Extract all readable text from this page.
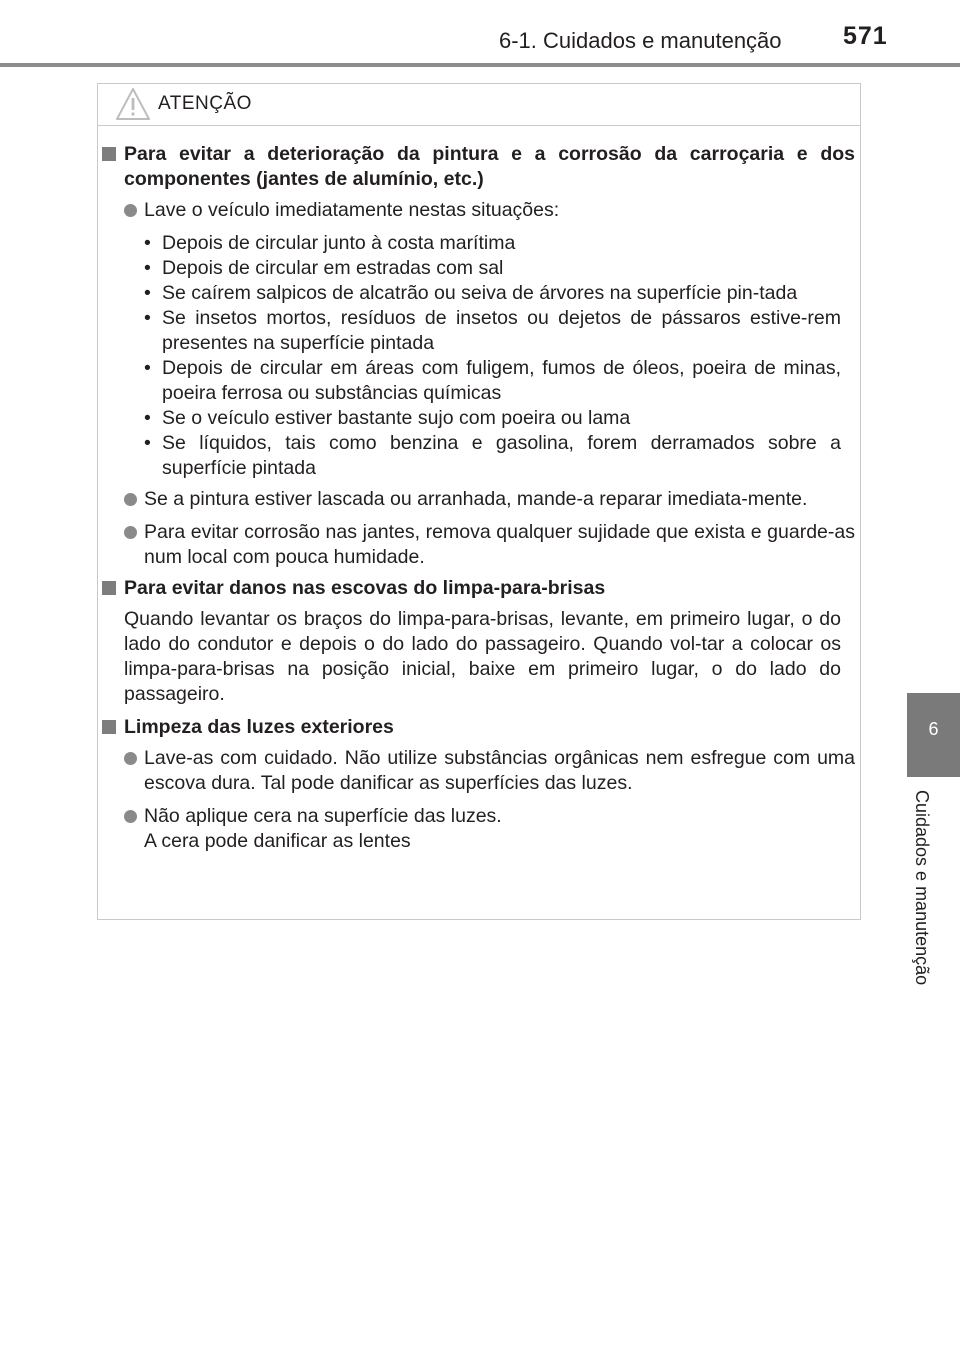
6-1. Cuidados e manutenção 571
6
Cuidados e manutenção
ATENÇÃO
Para evitar a deterioração da pintura e a corrosão da carroçaria e dos componentes (jantes de alumínio, etc.)
Lave o veículo imediatamente nestas situações:
• Depois de circular junto à costa marítima
• Depois de circular em estradas com sal
• Se caírem salpicos de alcatrão ou seiva de árvores na superfície pin-tada
• Se insetos mortos, resíduos de insetos ou dejetos de pássaros estive-rem presentes na superfície pintada
• Depois de circular em áreas com fuligem, fumos de óleos, poeira de minas, poeira ferrosa ou substâncias químicas
• Se o veículo estiver bastante sujo com poeira ou lama
• Se líquidos, tais como benzina e gasolina, forem derramados sobre a superfície pintada
Se a pintura estiver lascada ou arranhada, mande-a reparar imediata-mente.
Para evitar corrosão nas jantes, remova qualquer sujidade que exista e guarde-as num local com pouca humidade.
Para evitar danos nas escovas do limpa-para-brisas
Quando levantar os braços do limpa-para-brisas, levante, em primeiro lugar, o do lado do condutor e depois o do lado do passageiro. Quando vol-tar a colocar os limpa-para-brisas na posição inicial, baixe em primeiro lugar, o do lado do passageiro.
Limpeza das luzes exteriores
Lave-as com cuidado. Não utilize substâncias orgânicas nem esfregue com uma escova dura. Tal pode danificar as superfícies das luzes.
Não aplique cera na superfície das luzes.
A cera pode danificar as lentes
